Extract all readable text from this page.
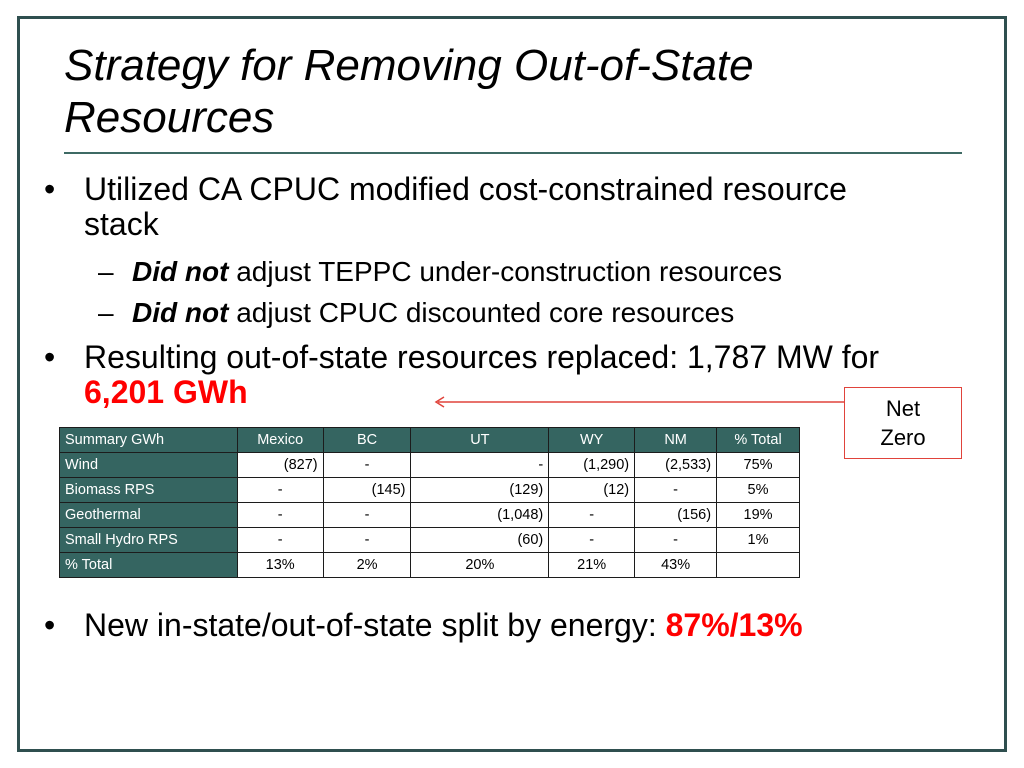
Strategy for Removing Out-of-State Resources
• Utilized CA CPUC modified cost-constrained resource stack
– Did not adjust TEPPC under-construction resources
– Did not adjust CPUC discounted core resources
• Resulting out-of-state resources replaced: 1,787 MW for 6,201 GWh	Net
Zero
Summary GWh	Mexico	BC	UT	WY	NM	% Total
Wind	(827)	-	-	(1,290)	(2,533)	75%
Biomass RPS	-	(145)	(129)	(12)	-	5%
Geothermal	-	-	(1,048)	-	(156)	19%
Small Hydro RPS	-	-	(60)	-	-	1%
% Total	13%	2%	20%	21%	43%	
• New in-state/out-of-state split by energy: 87%/13%
